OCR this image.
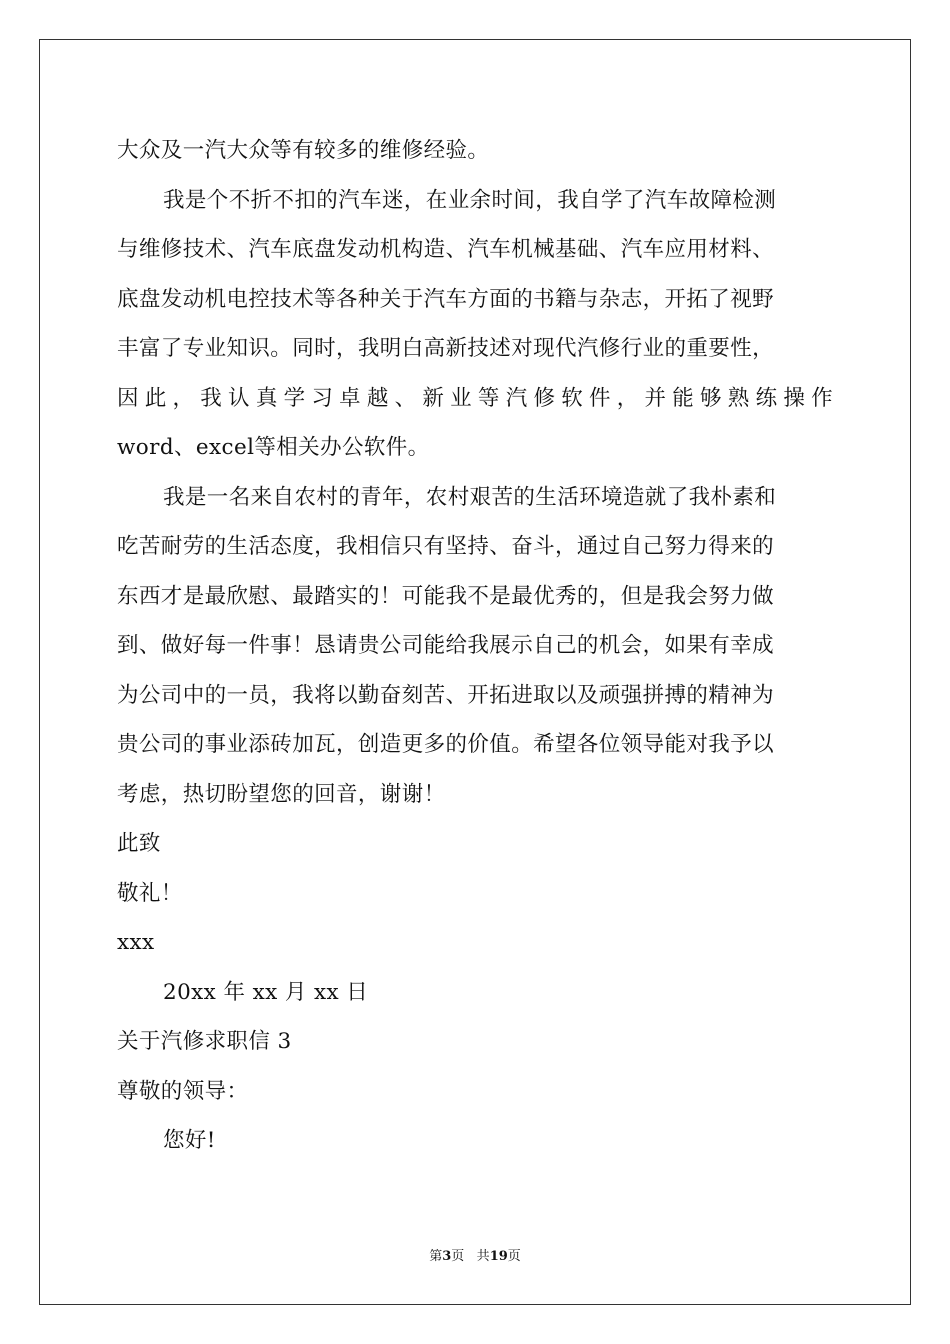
大众及一汽大众等有较多的维修经验。
我是个不折不扣的汽车迷，在业余时间，我自学了汽车故障检测
与维修技术、汽车底盘发动机构造、汽车机械基础、汽车应用材料、
底盘发动机电控技术等各种关于汽车方面的书籍与杂志，开拓了视野
丰富了专业知识。同时，我明白高新技述对现代汽修行业的重要性，
因此，我认真学习卓越、新业等汽修软件，并能够熟练操作
word、excel等相关办公软件。
我是一名来自农村的青年，农村艰苦的生活环境造就了我朴素和
吃苦耐劳的生活态度，我相信只有坚持、奋斗，通过自己努力得来的
东西才是最欣慰、最踏实的！可能我不是最优秀的，但是我会努力做
到、做好每一件事！恳请贵公司能给我展示自己的机会，如果有幸成
为公司中的一员，我将以勤奋刻苦、开拓进取以及顽强拼搏的精神为
贵公司的事业添砖加瓦，创造更多的价值。希望各位领导能对我予以
考虑，热切盼望您的回音，谢谢！
此致
敬礼！
xxx
20xx 年 xx 月 xx 日
关于汽修求职信 3
尊敬的领导：
您好!
第3页 共19页
